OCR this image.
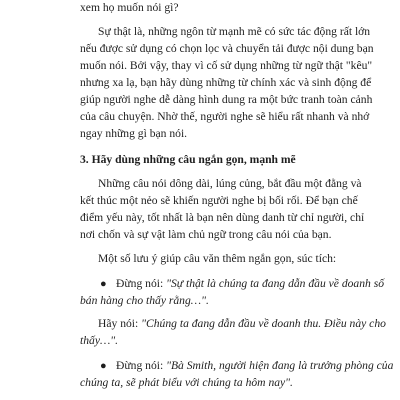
xem họ muốn nói gì?
Sự thật là, những ngôn từ mạnh mẽ có sức tác động rất lớn
nếu được sử dụng có chọn lọc và chuyển tải được nội dung bạn
muốn nói. Bởi vậy, thay vì cố sử dụng những từ ngữ thật "kêu"
nhưng xa lạ, bạn hãy dùng những từ chính xác và sinh động để
giúp người nghe dễ dàng hình dung ra một bức tranh toàn cảnh
của câu chuyện. Nhờ thế, người nghe sẽ hiểu rất nhanh và nhớ
ngay những gì bạn nói.
3. Hãy dùng những câu ngắn gọn, mạnh mẽ
Những câu nói dông dài, lúng củng, bắt đầu một đằng và
kết thúc một nẻo sẽ khiến người nghe bị bối rối. Để bạn chế
điểm yếu này, tốt nhất là bạn nên dùng danh từ chỉ người, chỉ
nơi chốn và sự vật làm chủ ngữ trong câu nói của bạn.
Một số lưu ý giúp câu văn thêm ngắn gọn, súc tích:
● Đừng nói: "Sự thật là chúng ta đang dẫn đầu về doanh số
bán hàng cho thấy rằng…".
Hãy nói: "Chúng ta đang dẫn đầu về doanh thu. Điều này cho
thấy…".
● Đừng nói: "Bà Smith, người hiện đang là trưởng phòng của
chúng ta, sẽ phát biểu với chúng ta hôm nay".
